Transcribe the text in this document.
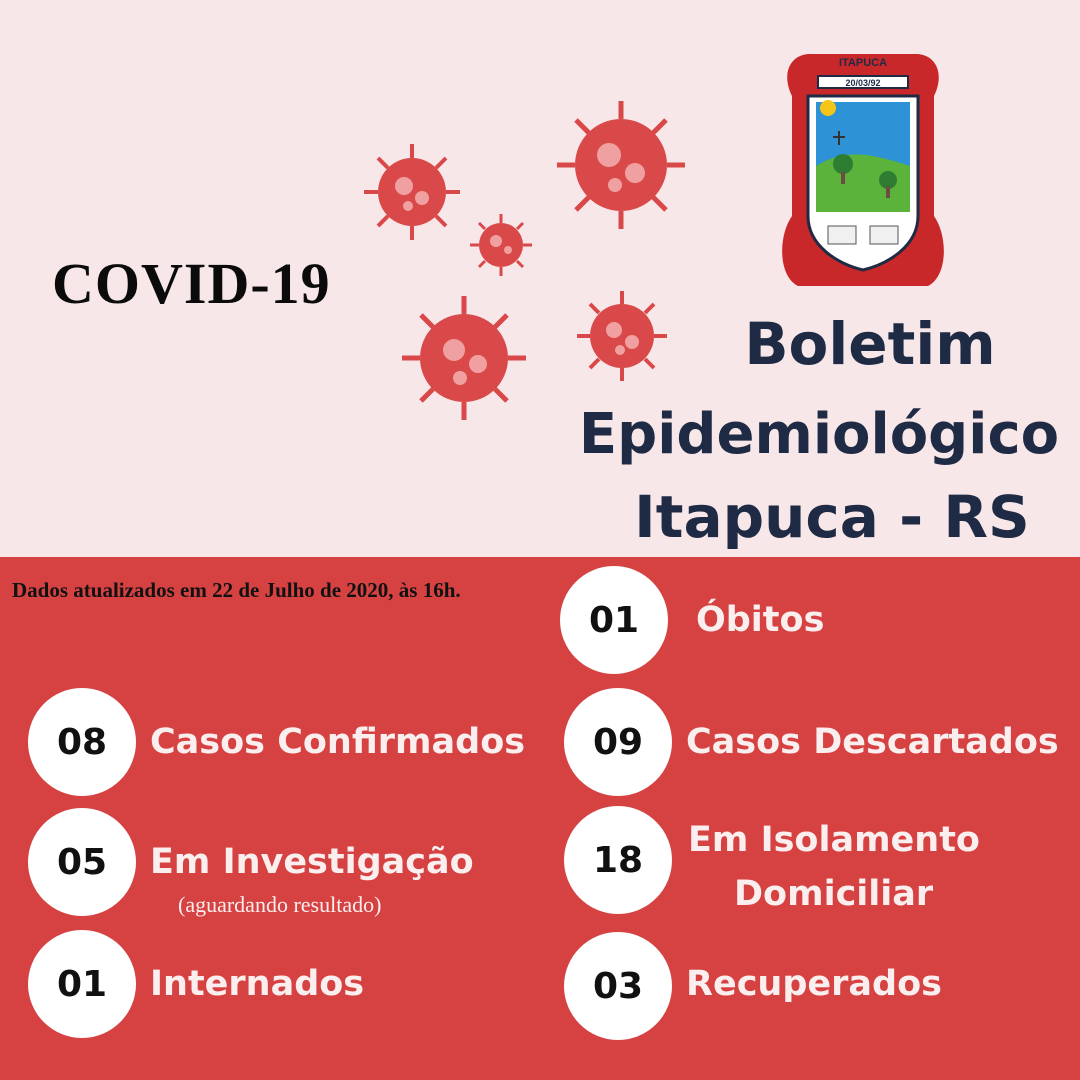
COVID-19
ITAPUCA
20/03/92
Boletim
Epidemiológico
Itapuca - RS
Dados atualizados em 22 de Julho de 2020, às 16h.
01	Óbitos
08	Casos Confirmados	09	Casos Descartados
05	Em Investigação
(aguardando resultado)
18	Em Isolamento
Domiciliar
01	Internados	03	Recuperados
